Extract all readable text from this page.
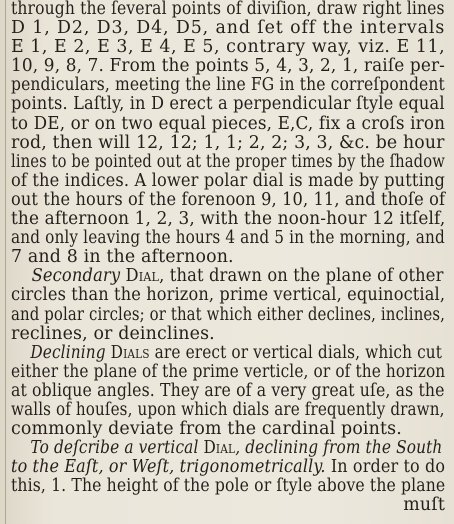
through the ſeveral points of diviſion, draw right lines
D 1, D2, D3, D4, D5, and ſet off the intervals
E 1, E 2, E 3, E 4, E 5, contrary way, viz. E 11,
10, 9, 8, 7. From the points 5, 4, 3, 2, 1, raiſe per-
pendiculars, meeting the line FG in the correſpondent
points. Laſtly, in D erect a perpendicular ſtyle equal
to DE, or on two equal pieces, E,C, fix a croſs iron
rod, then will 12, 12; 1, 1; 2, 2; 3, 3, &c. be hour
lines to be pointed out at the proper times by the ſhadow
of the indices. A lower polar dial is made by putting
out the hours of the forenoon 9, 10, 11, and thoſe of
the afternoon 1, 2, 3, with the noon-hour 12 itſelf,
and only leaving the hours 4 and 5 in the morning, and
7 and 8 in the afternoon.
Secondary Dial, that drawn on the plane of other
circles than the horizon, prime vertical, equinoctial,
and polar circles; or that which either declines, inclines,
reclines, or deinclines.
Declining Dials are erect or vertical dials, which cut
either the plane of the prime verticle, or of the horizon
at oblique angles. They are of a very great uſe, as the
walls of houſes, upon which dials are frequently drawn,
commonly deviate from the cardinal points.
To deſcribe a vertical Dial, declining from the South
to the Eaſt, or Weſt, trigonometrically. In order to do
this, 1. The height of the pole or ſtyle above the plane
muſt
